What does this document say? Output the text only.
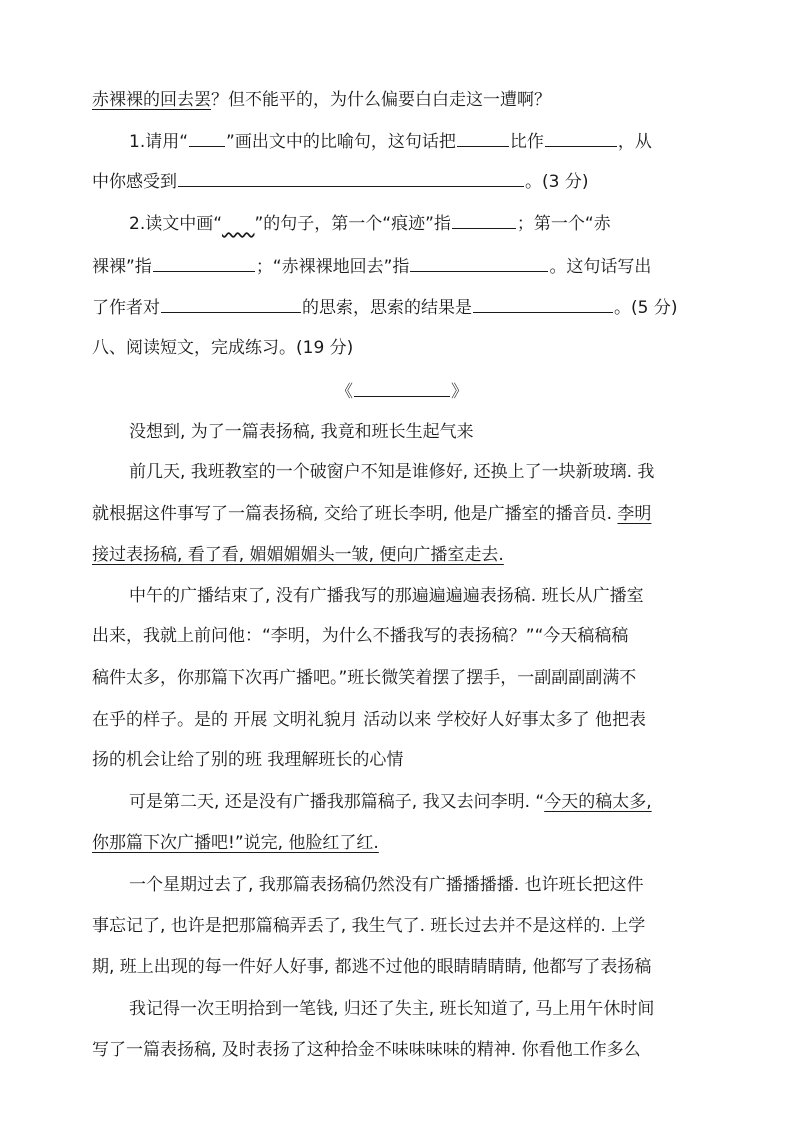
赤裸裸的回去罢？但不能平的，为什么偏要白白走这一遭啊？
1.请用“ ”画出文中的比喻句，这句话把	比作	，从
中你感受到	。(3 分)
2.读文中画“    ”的句子，第一个“痕迹”指	；第一个“赤
裸裸”指	；“赤裸裸地回去”指	。这句话写出
了作者对	的思索，思索的结果是	。(5 分)
八、阅读短文，完成练习。(19 分)
《	》
没想到, 为了一篇表扬稿, 我竟和班长生起气来
前几天, 我班教室的一个破窗户不知是谁修好, 还换上了一块新玻璃. 我
就根据这件事写了一篇表扬稿, 交给了班长李明, 他是广播室的播音员. 李明
接过表扬稿, 看了看, 媚媚媚媚头一皱, 便向广播室走去.
中午的广播结束了, 没有广播我写的那遍遍遍遍表扬稿. 班长从广播室
出来，我就上前问他：“李明，为什么不播我写的表扬稿？”“今天稿稿稿
稿件太多，你那篇下次再广播吧。”班长微笑着摆了摆手，一副副副副满不
在乎的样子。是的 开展 文明礼貌月 活动以来 学校好人好事太多了 他把表
扬的机会让给了别的班 我理解班长的心情
可是第二天, 还是没有广播我那篇稿子, 我又去问李明. “今天的稿太多,
你那篇下次广播吧!”说完, 他脸红了红.
一个星期过去了, 我那篇表扬稿仍然没有广播播播播. 也许班长把这件
事忘记了, 也许是把那篇稿弄丢了, 我生气了. 班长过去并不是这样的. 上学
期, 班上出现的每一件好人好事, 都逃不过他的眼睛睛睛睛, 他都写了表扬稿
我记得一次王明拾到一笔钱, 归还了失主, 班长知道了, 马上用午休时间
写了一篇表扬稿, 及时表扬了这种拾金不味味味味的精神. 你看他工作多么
